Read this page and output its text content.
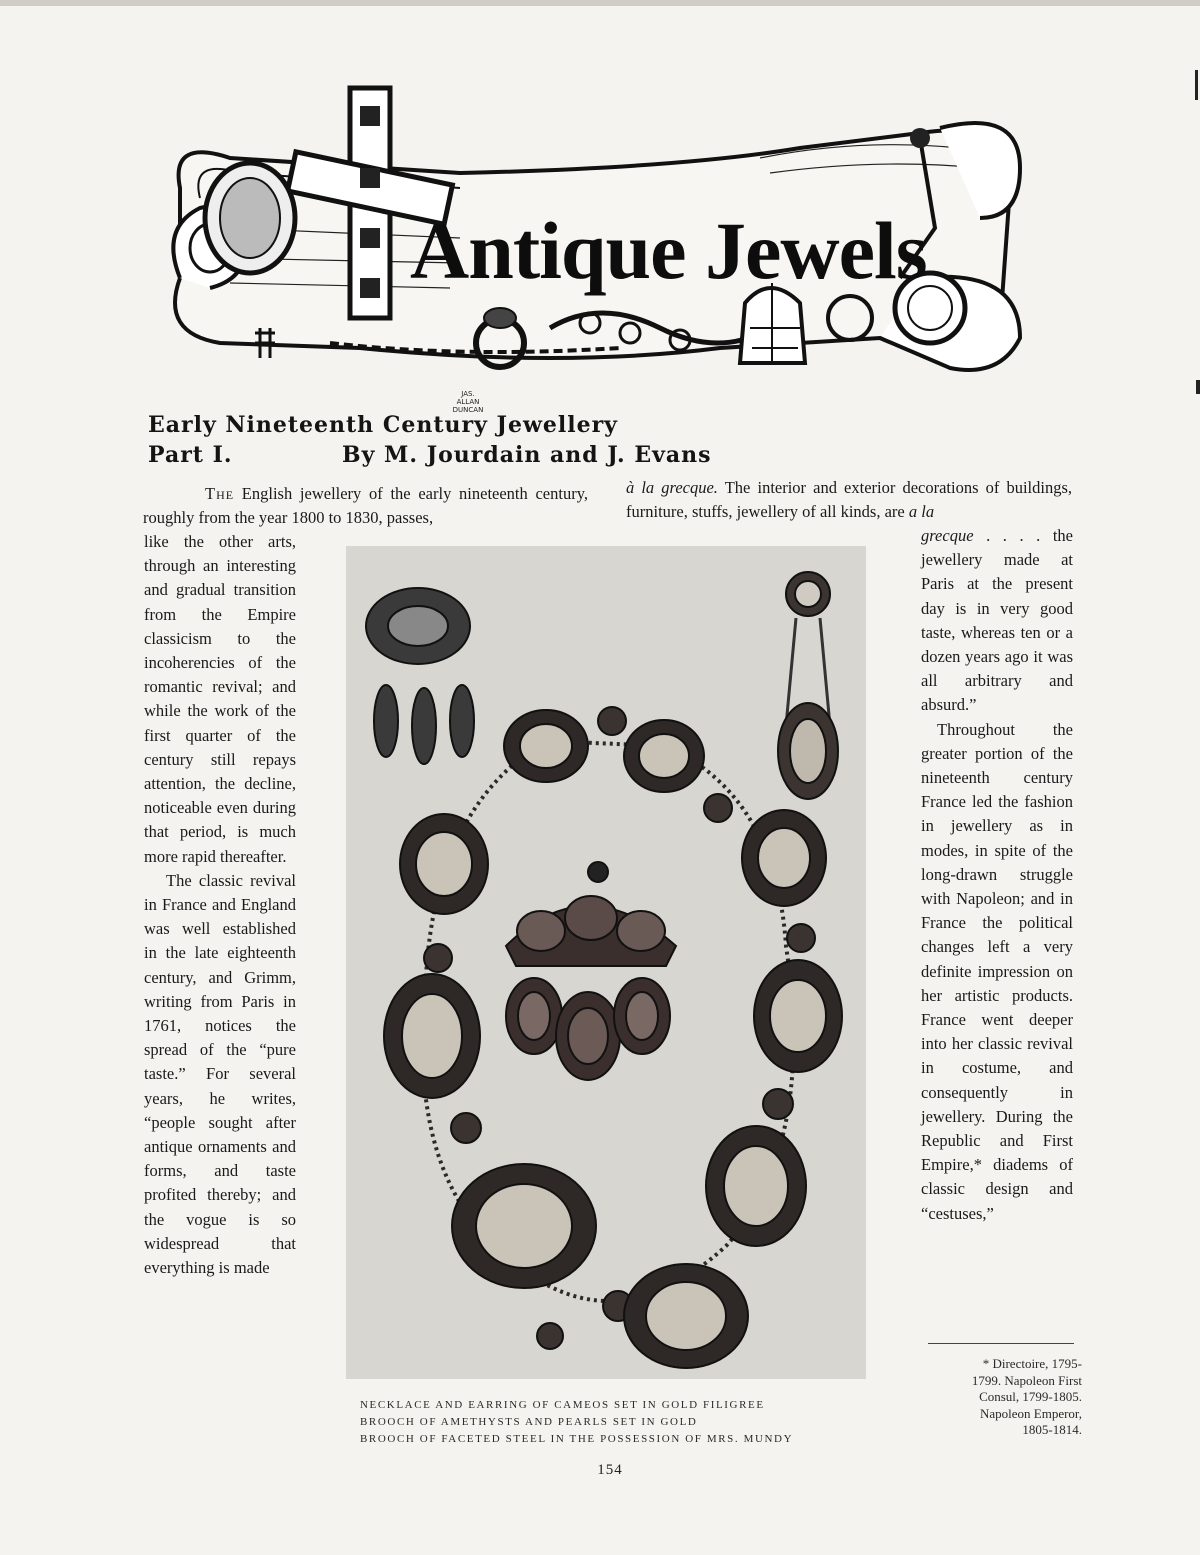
Antique Jewels
JAS.
ALLAN
DUNCAN
Early Nineteenth Century Jewellery
Part I.	By M. Jourdain and J. Evans
The English jewellery of the early nineteenth century, roughly from the year 1800 to 1830, passes,

like the other arts, through an interesting and gradual transition from the Empire classicism to the incoherencies of the romantic revival; and while the work of the first quarter of the century still repays attention, the decline, noticeable even during that period, is much more rapid thereafter.

The classic revival in France and England was well established in the late eighteenth century, and Grimm, writing from Paris in 1761, notices the spread of the “pure taste.” For several years, he writes, “people sought after antique ornaments and forms, and taste profited thereby; and the vogue is so widespread that everything is made

à la grecque. The interior and exterior decorations of buildings, furniture, stuffs, jewellery of all kinds, are a la

grecque . . . . the jewellery made at Paris at the present day is in very good taste, whereas ten or a dozen years ago it was all arbitrary and absurd.”

Throughout the greater portion of the nineteenth century France led the fashion in jewellery as in modes, in spite of the long-drawn struggle with Napoleon; and in France the political changes left a very definite impression on her artistic products. France went deeper into her classic revival in costume, and consequently in jewellery. During the Republic and First Empire,* diadems of classic design and “cestuses,”

* Directoire, 1795-
1799. Napoleon First
Consul, 1799-1805.
Napoleon Emperor,
1805-1814.
NECKLACE AND EARRING OF CAMEOS SET IN GOLD FILIGREE
BROOCH OF AMETHYSTS AND PEARLS SET IN GOLD
BROOCH OF FACETED STEEL IN THE POSSESSION OF MRS. MUNDY
154
